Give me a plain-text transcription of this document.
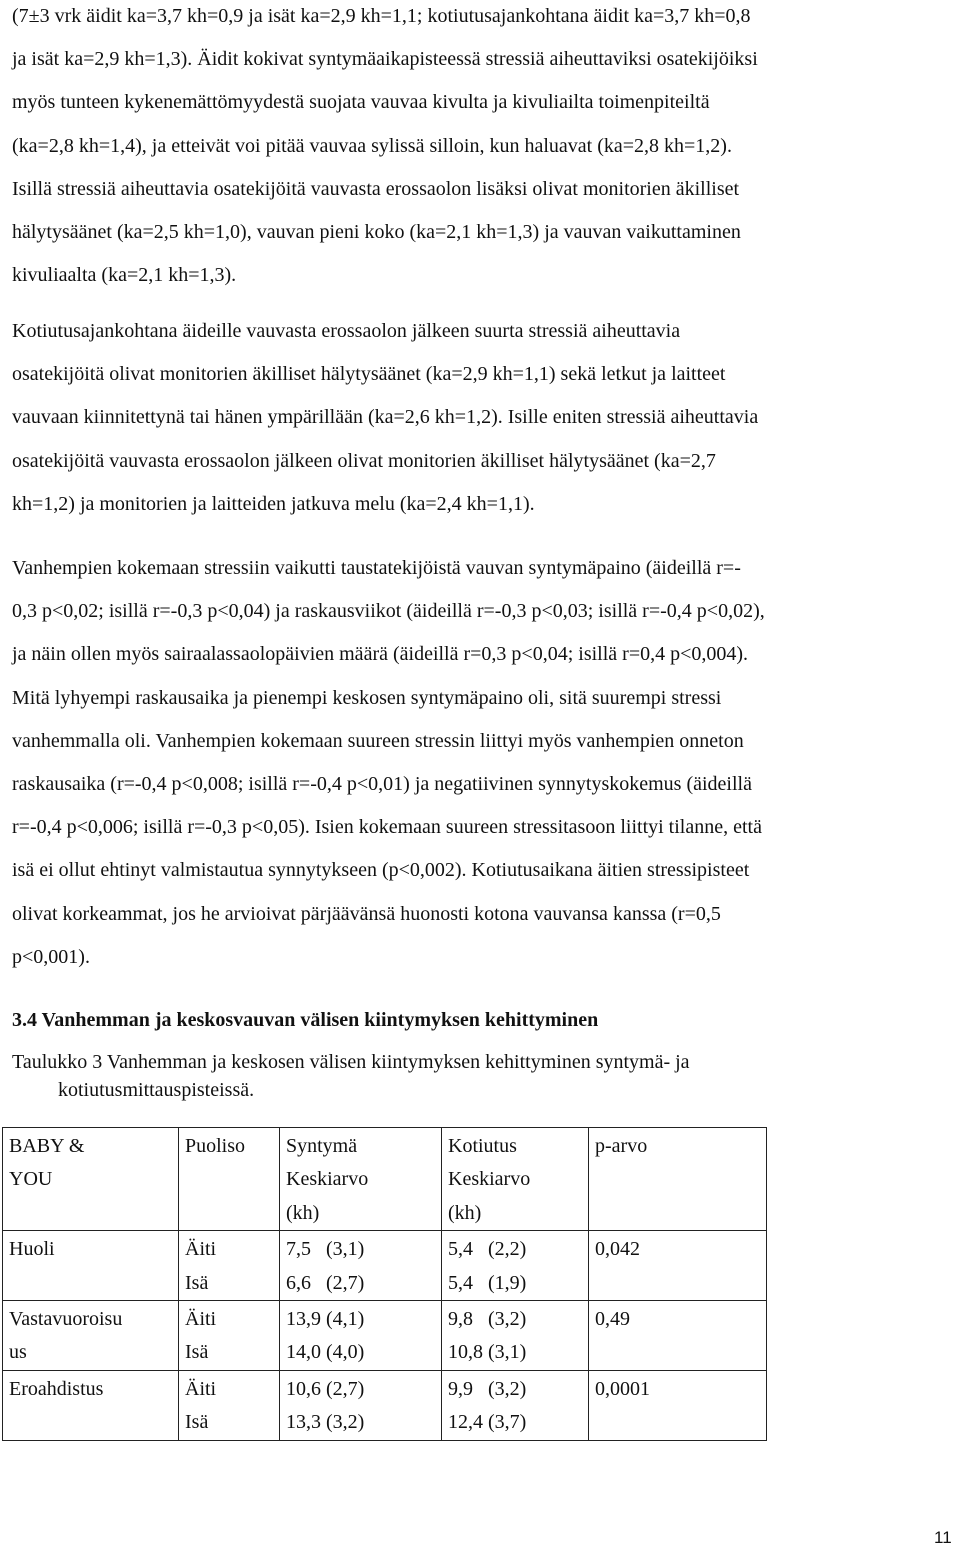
(7±3 vrk äidit ka=3,7 kh=0,9 ja isät ka=2,9 kh=1,1; kotiutusajankohtana äidit ka=3,7 kh=0,8
ja isät ka=2,9 kh=1,3). Äidit kokivat syntymäaikapisteessä stressiä aiheuttaviksi osatekijöiksi
myös tunteen kykenemättömyydestä suojata vauvaa kivulta ja kivuliailta toimenpiteiltä
(ka=2,8 kh=1,4), ja etteivät voi pitää vauvaa sylissä silloin, kun haluavat (ka=2,8 kh=1,2).
Isillä stressiä aiheuttavia osatekijöitä vauvasta erossaolon lisäksi olivat monitorien äkilliset
hälytysäänet (ka=2,5 kh=1,0), vauvan pieni koko (ka=2,1 kh=1,3) ja vauvan vaikuttaminen
kivuliaalta (ka=2,1 kh=1,3).

Kotiutusajankohtana äideille vauvasta erossaolon jälkeen suurta stressiä aiheuttavia
osatekijöitä olivat monitorien äkilliset hälytysäänet (ka=2,9 kh=1,1) sekä letkut ja laitteet
vauvaan kiinnitettynä tai hänen ympärillään (ka=2,6 kh=1,2). Isille eniten stressiä aiheuttavia
osatekijöitä vauvasta erossaolon jälkeen olivat monitorien äkilliset hälytysäänet (ka=2,7
kh=1,2) ja monitorien ja laitteiden jatkuva melu (ka=2,4 kh=1,1).

Vanhempien kokemaan stressiin vaikutti taustatekijöistä vauvan syntymäpaino (äideillä r=-
0,3 p<0,02; isillä r=-0,3 p<0,04) ja raskausviikot (äideillä r=-0,3 p<0,03; isillä r=-0,4 p<0,02),
ja näin ollen myös sairaalassaolopäivien määrä (äideillä r=0,3 p<0,04; isillä r=0,4 p<0,004).
Mitä lyhyempi raskausaika ja pienempi keskosen syntymäpaino oli, sitä suurempi stressi
vanhemmalla oli. Vanhempien kokemaan suureen stressin liittyi myös vanhempien onneton
raskausaika (r=-0,4 p<0,008; isillä r=-0,4 p<0,01) ja negatiivinen synnytyskokemus (äideillä
r=-0,4 p<0,006; isillä r=-0,3 p<0,05). Isien kokemaan suureen stressitasoon liittyi tilanne, että
isä ei ollut ehtinyt valmistautua synnytykseen (p<0,002). Kotiutusaikana äitien stressipisteet
olivat korkeammat, jos he arvioivat pärjäävänsä huonosti kotona vauvansa kanssa (r=0,5
p<0,001).

3.4 Vanhemman ja keskosvauvan välisen kiintymyksen kehittyminen

Taulukko 3 Vanhemman ja keskosen välisen kiintymyksen kehittyminen syntymä- ja
kotiutusmittauspisteissä.

BABY &
YOU	Puoliso	Syntymä
Keskiarvo
(kh)	Kotiutus
Keskiarvo
(kh)	p-arvo

Huoli	Äiti
Isä	7,5   (3,1)
6,6   (2,7)	5,4   (2,2)
5,4   (1,9)	0,042

Vastavuoroisu
us	Äiti
Isä	13,9 (4,1)
14,0 (4,0)	9,8   (3,2)
10,8 (3,1)	0,49

Eroahdistus	Äiti
Isä	10,6 (2,7)
13,3 (3,2)	9,9   (3,2)
12,4 (3,7)	0,0001
11
